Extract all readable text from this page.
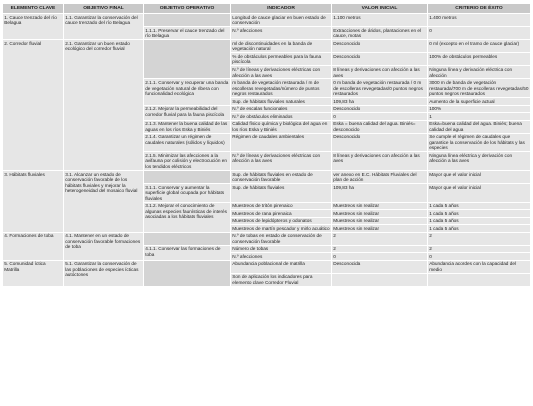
ELEMENTO CLAVE	OBJETIVO FINAL	OBJETIVO OPERATIVO	INDICADOR	VALOR INICIAL	CRITERIO DE ÉXITO
1. Cauce trenzado del río Belagua	1.1. Garantizar la conservación del cauce trenzado del río Belagua		Longitud de cauce glaciar en buen estado de conservación	1.100 metros	1.400 metros
		1.1.1. Preservar el cauce trenzado del río Belagua	N.º afecciones	Extracciones de áridos, plantaciones en el cauce, motas	0
2. Corredor fluvial	2.1. Garantizar un buen estado ecológico del corredor fluvial		ml de discontinuidades en la banda de vegetación natural	Desconocido	0 ml (excepto en el tramo de cauce glaciar)
			% de obstáculos permeables para la fauna piscícola	Desconocido	100% de obstáculos permeables
			N.º de líneas y derivaciones eléctricas con afección a las aves	8 líneas y derivaciones con afección a las aves	Ninguna línea y derivación eléctrica con afección
		2.1.1. Conservar y recuperar una banda de vegetación natural de ribera con funcionalidad ecológica	m banda de vegetación restaurada / m de escolleras revegetadas/número de puntos negros restaurados	0 m banda de vegetación restaurada / 0 m de escolleras revegetadas/0 puntos negros restaurados	3000 m de banda de vegetación restaurada/700 m de escolleras revegetadas/50 puntos negros restaurados
			Sup. de hábitats fluviales naturales	109,83 ha	Aumento de la superficie actual
		2.1.2. Mejorar la permeabilidad del corredor fluvial para la fauna piscícola	N.º de escalas funcionales	Desconocido	100%
			N.º de obstáculos eliminados	0	1
		2.1.3. Mantener la buena calidad de las aguas en los ríos Eska y Biniés	Calidad físico química y biológica del agua en los ríos Eska y Biniés	Eska = buena calidad del agua. Biniés= desconocido	Eska=buena calidad del agua. Biniés; buena calidad del agua
		2.1.4. Garantizar un régimen de caudales naturales (sólidos y líquidos)	Régimen de caudales ambientales	Desconocido	Se cumple el régimen de caudales que garantice la conservación de los hábitats y las especies
		2.1.5. Minimizar las afecciones a la avifauna por colisión y electrocución en los tendidos eléctricos	N.º de líneas y derivaciones eléctricas con afección a las aves	8 líneas y derivaciones con afección a las aves	Ninguna línea eléctrica y derivación con afección a las aves
3. Hábitats fluviales	3.1. Alcanzar un estado de conservación favorable de los hábitats fluviales y mejorar la heterogeneidad del mosaico fluvial		Sup. de hábitats fluviales en estado de conservación favorable	ver anexo en E.C. Hábitats Fluviales del plan de acción	Mayor que el valor inicial
		3.1.1. Conservar y aumentar la superficie global ocupada por hábitats fluviales	Sup. de hábitats fluviales	109,83 ha	Mayor que el valor inicial
		3.1.2. Mejorar el conocimiento de algunas especies faunísticas de interés asociadas a los hábitats fluviales	Muestreos de tritón pirenaico	Muestreos sin realizar	1 cada 5 años
			Muestreos de rana pirenaica	Muestreos sin realizar	1 cada 5 años
			Muestreos de lepidópteros y odonatos	Muestreos sin realizar	1 cada 5 años
			Muestreos de martín pescador y mirlo acuático	Muestreos sin realizar	1 cada 5 años
4. Formaciones de toba	4.1. Mantener en un estado de conservación favorable formaciones de toba		N.º de tobas en estado de conservación de conservación favorable	2	2
		4.1.1. Conservar las formaciones de toba	Número de tobas	2	2
			N.º afecciones	0	0
5. Comunidad íctica Matrilla	5.1. Garantizar la conservación de las poblaciones de especies ícticas autóctones		Abundancia poblacional de matrilla	Desconocida	Abundancia acordes con la capacidad del medio
			Son de aplicación los indicadores para elemento clave Corredor Fluvial		
